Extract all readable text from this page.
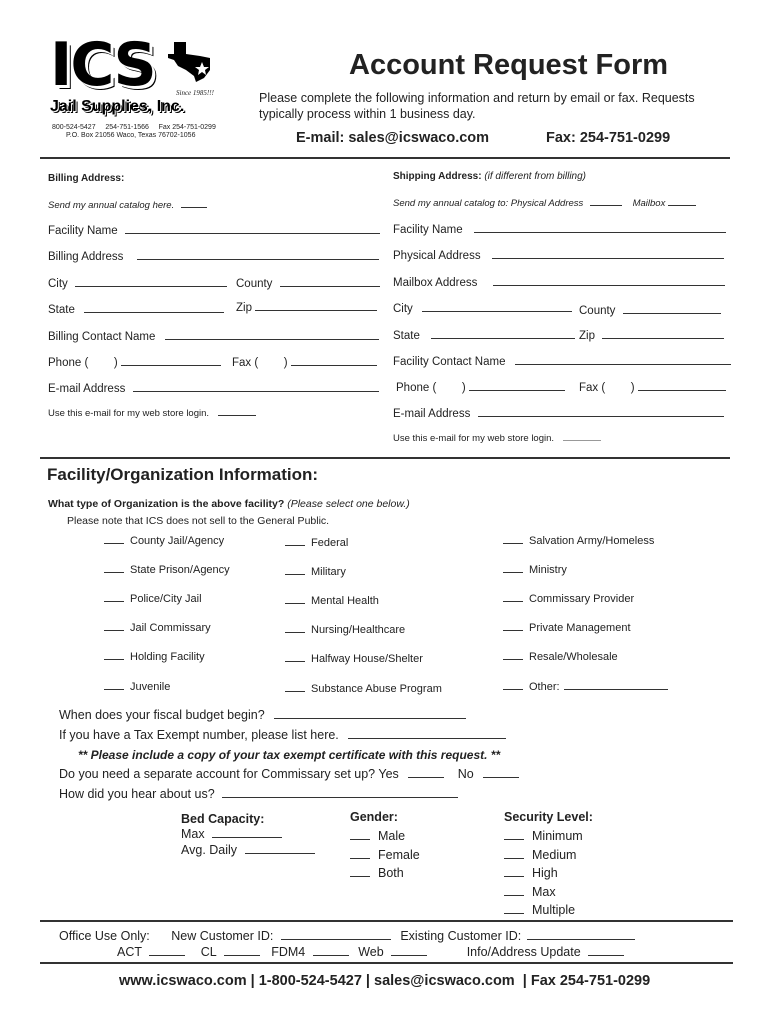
ICS	Since 1985!!!
Jail Supplies, Inc.
800-524-5427     254-751-1566     Fax 254-751-0299
P.O. Box 21056 Waco, Texas 76702-1056
Account Request Form
Please complete the following information and return by email or fax. Requests
typically process within 1 business day.
E-mail: sales@icswaco.com	Fax: 254-751-0299
Billing Address:
Send my annual catalog here.
Facility Name
Billing Address
City	County
State	Zip
Billing Contact Name
Phone (        )	Fax (        )
E-mail Address
Use this e-mail for my web store login.
Shipping Address: (if different from billing)
Send my annual catalog to: Physical Address	Mailbox
Facility Name
Physical Address
Mailbox Address
City	County
State	Zip
Facility Contact Name
Phone (        )	Fax (        )
E-mail Address
Use this e-mail for my web store login.
Facility/Organization Information:
What type of Organization is the above facility? (Please select one below.)
Please note that ICS does not sell to the General Public.
County Jail/Agency
State Prison/Agency
Police/City Jail
Jail Commissary
Holding Facility
Juvenile
Federal
Military
Mental Health
Nursing/Healthcare
Halfway House/Shelter
Substance Abuse Program
Salvation Army/Homeless
Ministry
Commissary Provider
Private Management
Resale/Wholesale
Other:
When does your fiscal budget begin?
If you have a Tax Exempt number, please list here.
** Please include a copy of your tax exempt certificate with this request. **
Do you need a separate account for Commissary set up? Yes	No
How did you hear about us?
Bed Capacity:
Max
Avg. Daily
Gender:
Male
Female
Both
Security Level:
Minimum
Medium
High
Max
Multiple
Office Use Only: New Customer ID:	Existing Customer ID:
ACT	CL	FDM4	Web	Info/Address Update
www.icswaco.com | 1-800-524-5427 | sales@icswaco.com  | Fax 254-751-0299
